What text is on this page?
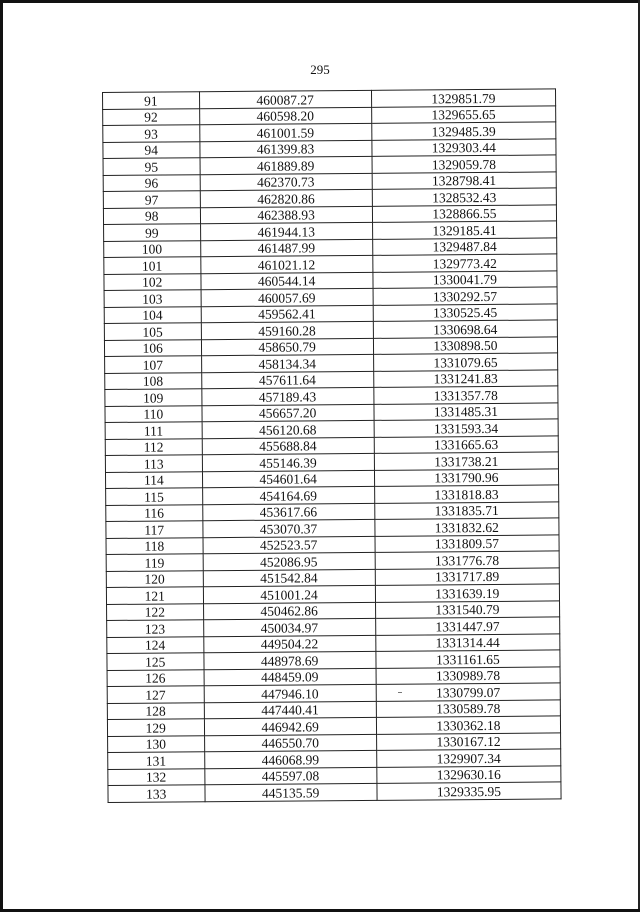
295
91	460087.27	1329851.79
92	460598.20	1329655.65
93	461001.59	1329485.39
94	461399.83	1329303.44
95	461889.89	1329059.78
96	462370.73	1328798.41
97	462820.86	1328532.43
98	462388.93	1328866.55
99	461944.13	1329185.41
100	461487.99	1329487.84
101	461021.12	1329773.42
102	460544.14	1330041.79
103	460057.69	1330292.57
104	459562.41	1330525.45
105	459160.28	1330698.64
106	458650.79	1330898.50
107	458134.34	1331079.65
108	457611.64	1331241.83
109	457189.43	1331357.78
110	456657.20	1331485.31
111	456120.68	1331593.34
112	455688.84	1331665.63
113	455146.39	1331738.21
114	454601.64	1331790.96
115	454164.69	1331818.83
116	453617.66	1331835.71
117	453070.37	1331832.62
118	452523.57	1331809.57
119	452086.95	1331776.78
120	451542.84	1331717.89
121	451001.24	1331639.19
122	450462.86	1331540.79
123	450034.97	1331447.97
124	449504.22	1331314.44
125	448978.69	1331161.65
126	448459.09	1330989.78
127	447946.10	1330799.07
128	447440.41	1330589.78
129	446942.69	1330362.18
130	446550.70	1330167.12
131	446068.99	1329907.34
132	445597.08	1329630.16
133	445135.59	1329335.95
